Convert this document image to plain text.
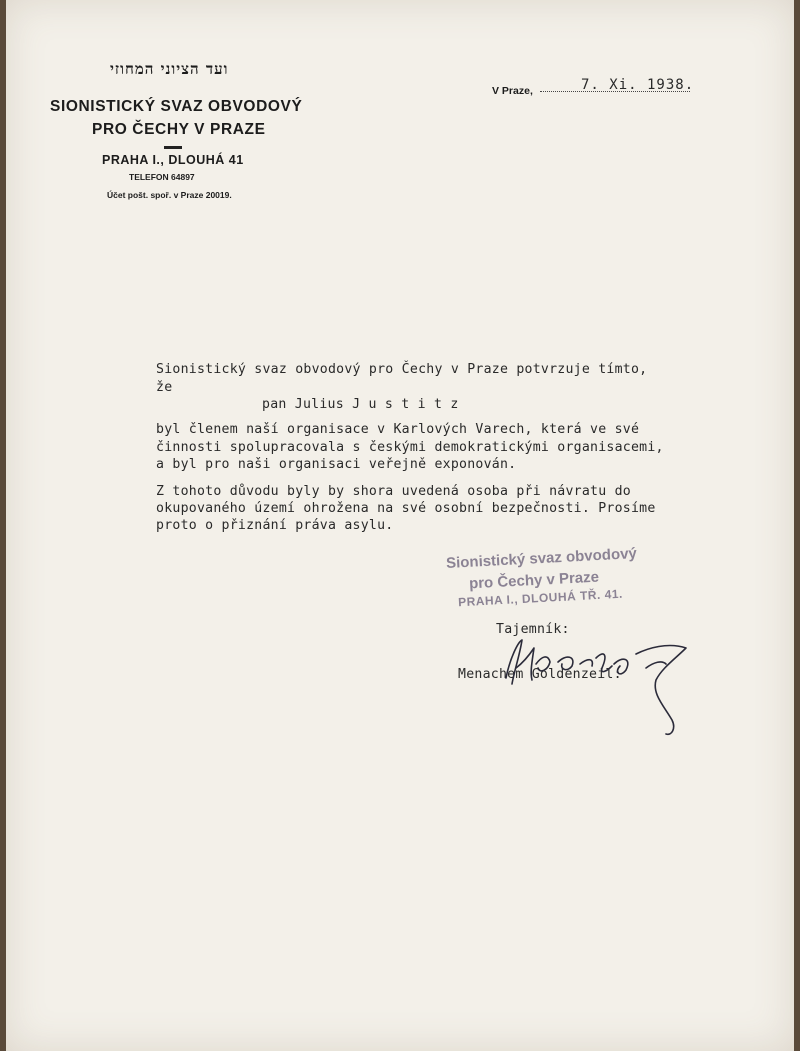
ועד הציוני המחוזי
SIONISTICKÝ SVAZ OBVODOVÝ
PRO ČECHY V PRAZE
PRAHA I., DLOUHÁ 41
TELEFON 64897
Účet pošt. spoř. v Praze 20019.
V Praze,	7. Xi. 1938.
Sionistický svaz obvodový pro Čechy v Praze potvrzuje tímto,
že
pan Julius J u s t i t z
byl členem naší organisace v Karlových Varech, která ve své
činnosti spolupracovala s českými demokratickými organisacemi,
a byl pro naši organisaci veřejně exponován.
Z tohoto důvodu byly by shora uvedená osoba při návratu do
okupovaného území ohrožena na své osobní bezpečnosti. Prosíme
proto o přiznání práva asylu.
Sionistický svaz obvodový
pro Čechy v Praze
PRAHA I., DLOUHÁ TŘ. 41.
Tajemník:
Menachem Goldenzeil:
